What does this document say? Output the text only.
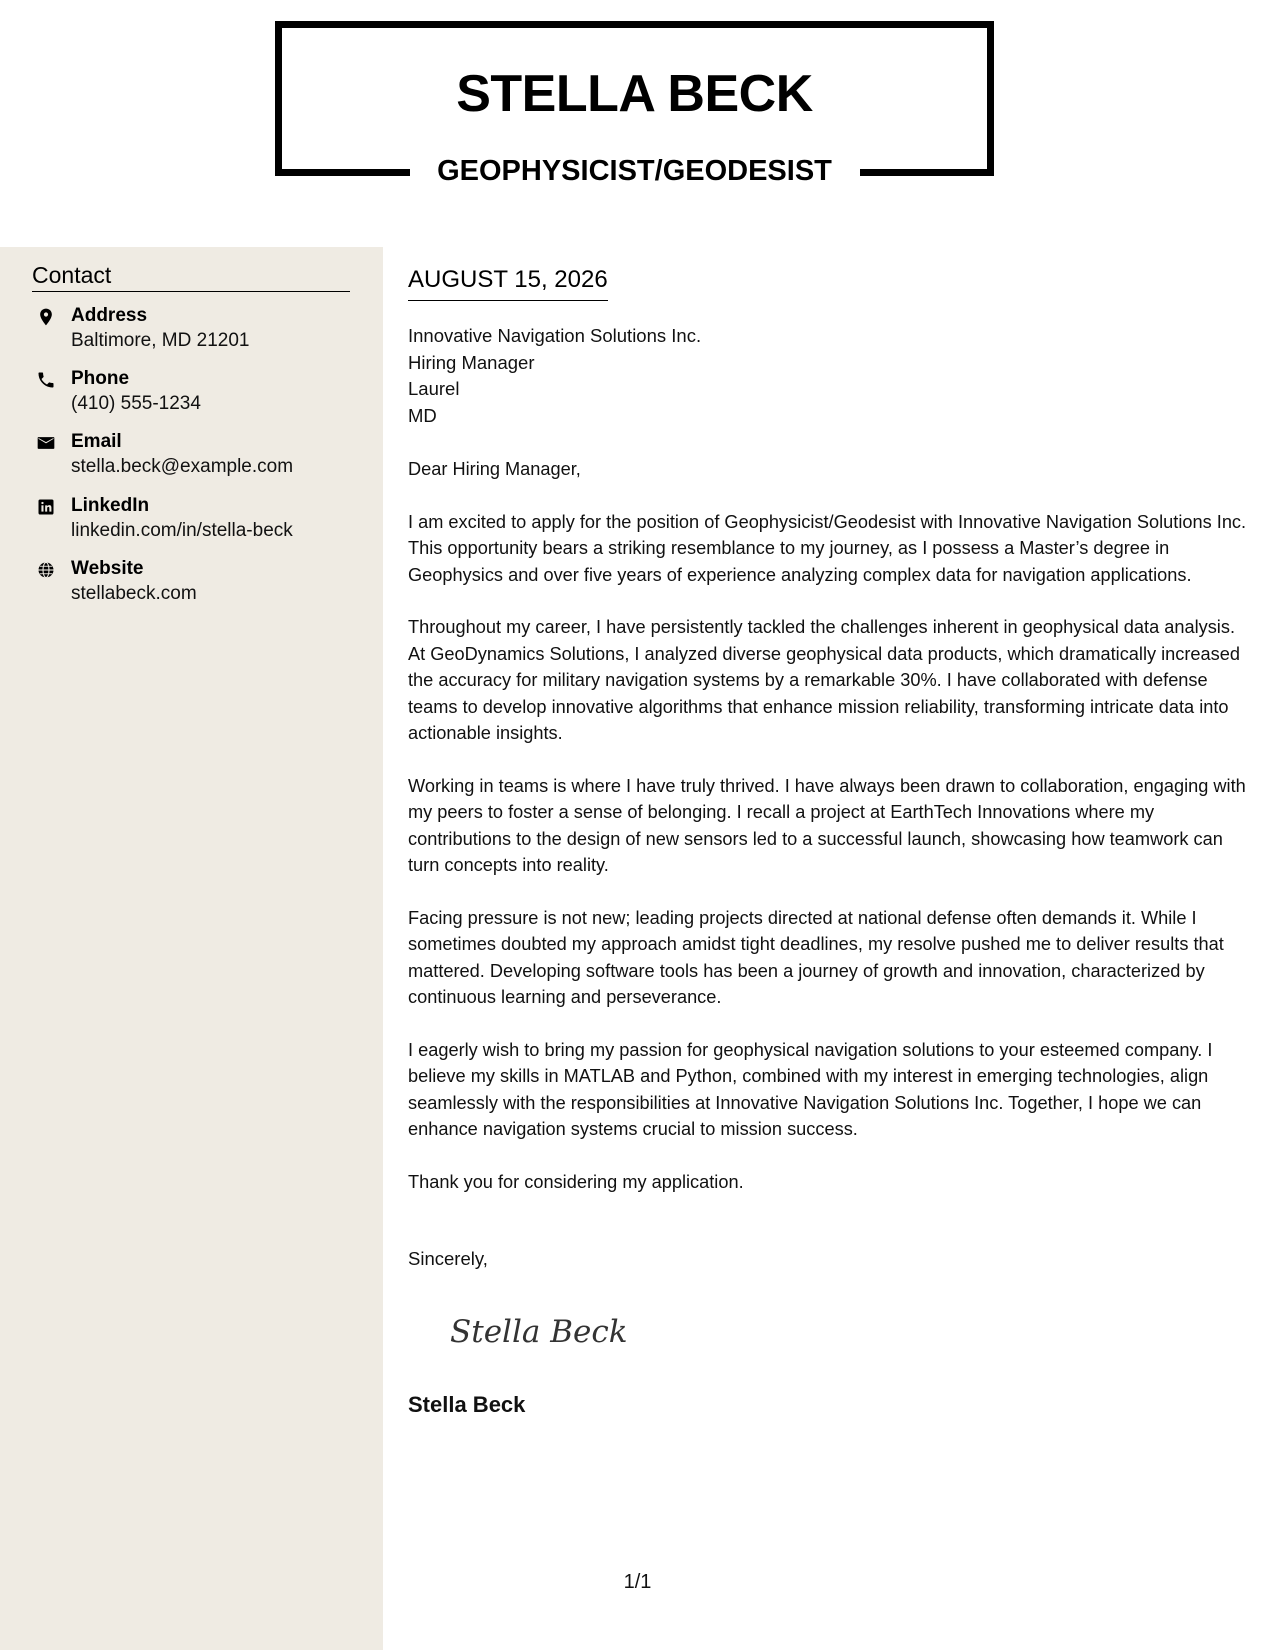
STELLA BECK
GEOPHYSICIST/GEODESIST
Contact
Address
Baltimore, MD 21201
Phone
(410) 555-1234
Email
stella.beck@example.com
LinkedIn
linkedin.com/in/stella-beck
Website
stellabeck.com
AUGUST 15, 2026
Innovative Navigation Solutions Inc.
Hiring Manager
Laurel
MD

Dear Hiring Manager,

I am excited to apply for the position of Geophysicist/Geodesist with Innovative Navigation Solutions Inc. This opportunity bears a striking resemblance to my journey, as I possess a Master’s degree in Geophysics and over five years of experience analyzing complex data for navigation applications.

Throughout my career, I have persistently tackled the challenges inherent in geophysical data analysis. At GeoDynamics Solutions, I analyzed diverse geophysical data products, which dramatically increased the accuracy for military navigation systems by a remarkable 30%. I have collaborated with defense teams to develop innovative algorithms that enhance mission reliability, transforming intricate data into actionable insights.

Working in teams is where I have truly thrived. I have always been drawn to collaboration, engaging with my peers to foster a sense of belonging. I recall a project at EarthTech Innovations where my contributions to the design of new sensors led to a successful launch, showcasing how teamwork can turn concepts into reality.

Facing pressure is not new; leading projects directed at national defense often demands it. While I sometimes doubted my approach amidst tight deadlines, my resolve pushed me to deliver results that mattered. Developing software tools has been a journey of growth and innovation, characterized by continuous learning and perseverance.

I eagerly wish to bring my passion for geophysical navigation solutions to your esteemed company. I believe my skills in MATLAB and Python, combined with my interest in emerging technologies, align seamlessly with the responsibilities at Innovative Navigation Solutions Inc. Together, I hope we can enhance navigation systems crucial to mission success.

Thank you for considering my application.

Sincerely,
Stella Beck
Stella Beck
1/1
